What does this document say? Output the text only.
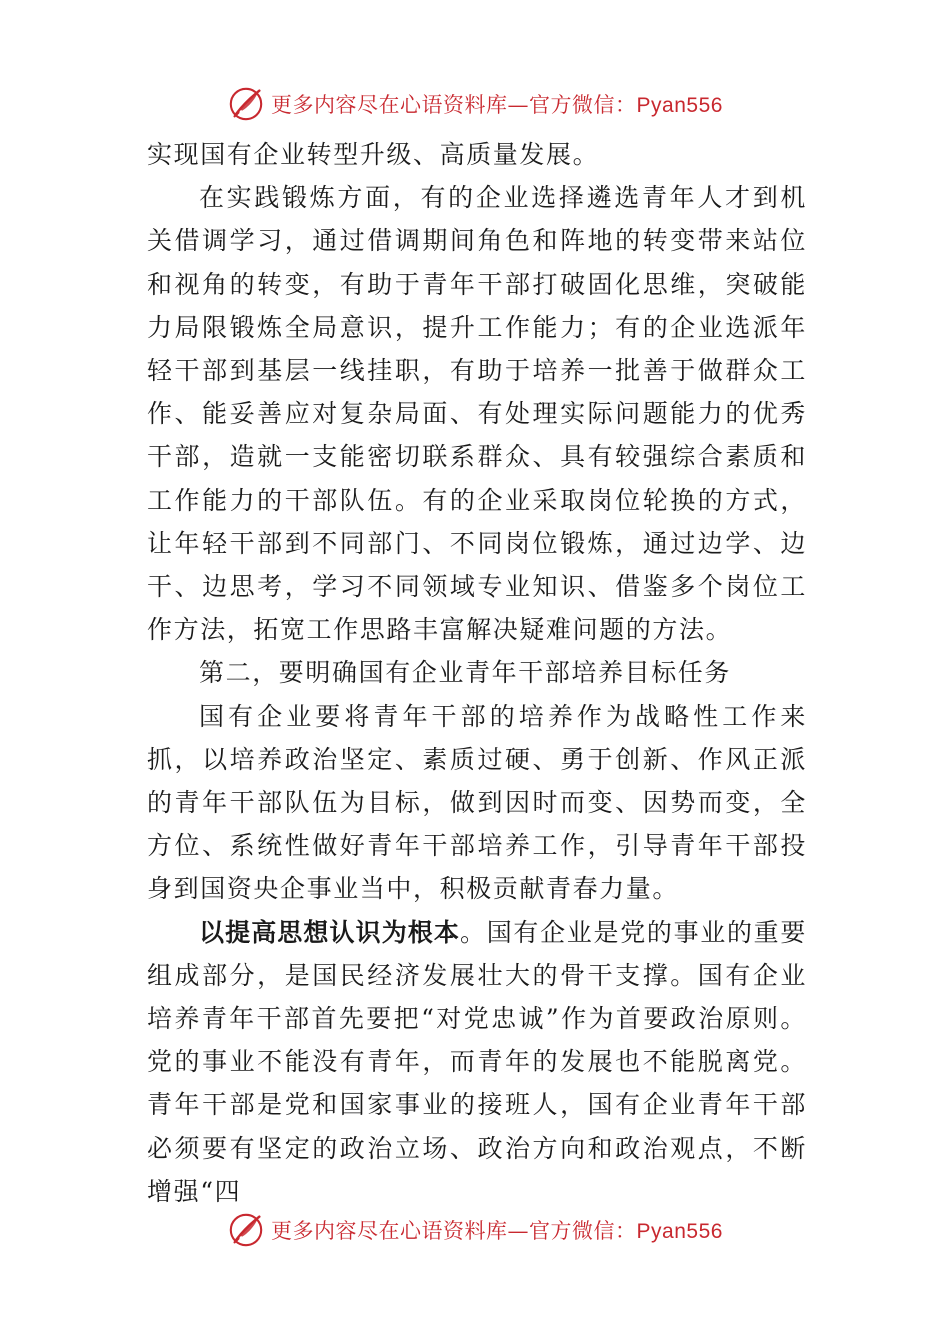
更多内容尽在心语资料库—官方微信：Pyan556

实现国有企业转型升级、高质量发展。

在实践锻炼方面，有的企业选择遴选青年人才到机关借调学习，通过借调期间角色和阵地的转变带来站位和视角的转变，有助于青年干部打破固化思维，突破能力局限锻炼全局意识，提升工作能力；有的企业选派年轻干部到基层一线挂职，有助于培养一批善于做群众工作、能妥善应对复杂局面、有处理实际问题能力的优秀干部，造就一支能密切联系群众、具有较强综合素质和工作能力的干部队伍。有的企业采取岗位轮换的方式，让年轻干部到不同部门、不同岗位锻炼，通过边学、边干、边思考，学习不同领域专业知识、借鉴多个岗位工作方法，拓宽工作思路丰富解决疑难问题的方法。

第二，要明确国有企业青年干部培养目标任务

国有企业要将青年干部的培养作为战略性工作来抓，以培养政治坚定、素质过硬、勇于创新、作风正派的青年干部队伍为目标，做到因时而变、因势而变，全方位、系统性做好青年干部培养工作，引导青年干部投身到国资央企事业当中，积极贡献青春力量。

以提高思想认识为根本。国有企业是党的事业的重要组成部分，是国民经济发展壮大的骨干支撑。国有企业培养青年干部首先要把“对党忠诚”作为首要政治原则。党的事业不能没有青年，而青年的发展也不能脱离党。青年干部是党和国家事业的接班人，国有企业青年干部必须要有坚定的政治立场、政治方向和政治观点，不断增强“四

更多内容尽在心语资料库—官方微信：Pyan556
